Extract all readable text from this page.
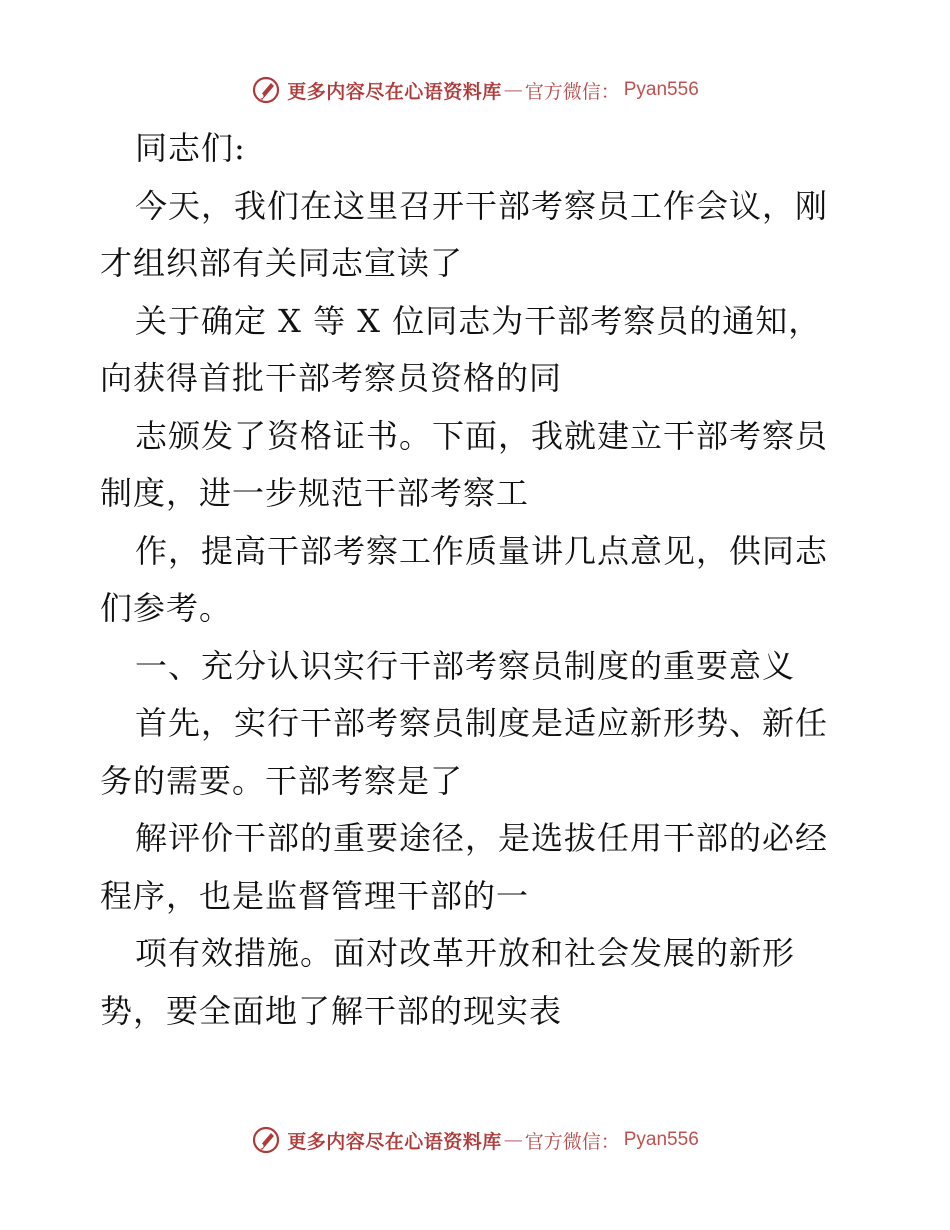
更多内容尽在心语资料库 — 官方微信： Pyan556
同志们:
今天，我们在这里召开干部考察员工作会议，刚
才组织部有关同志宣读了
关于确定 X 等 X 位同志为干部考察员的通知，
向获得首批干部考察员资格的同
志颁发了资格证书。下面，我就建立干部考察员
制度，进一步规范干部考察工
作，提高干部考察工作质量讲几点意见，供同志
们参考。
一、充分认识实行干部考察员制度的重要意义
首先，实行干部考察员制度是适应新形势、新任
务的需要。干部考察是了
解评价干部的重要途径，是选拔任用干部的必经
程序，也是监督管理干部的一
项有效措施。面对改革开放和社会发展的新形
势，要全面地了解干部的现实表
更多内容尽在心语资料库 — 官方微信： Pyan556
